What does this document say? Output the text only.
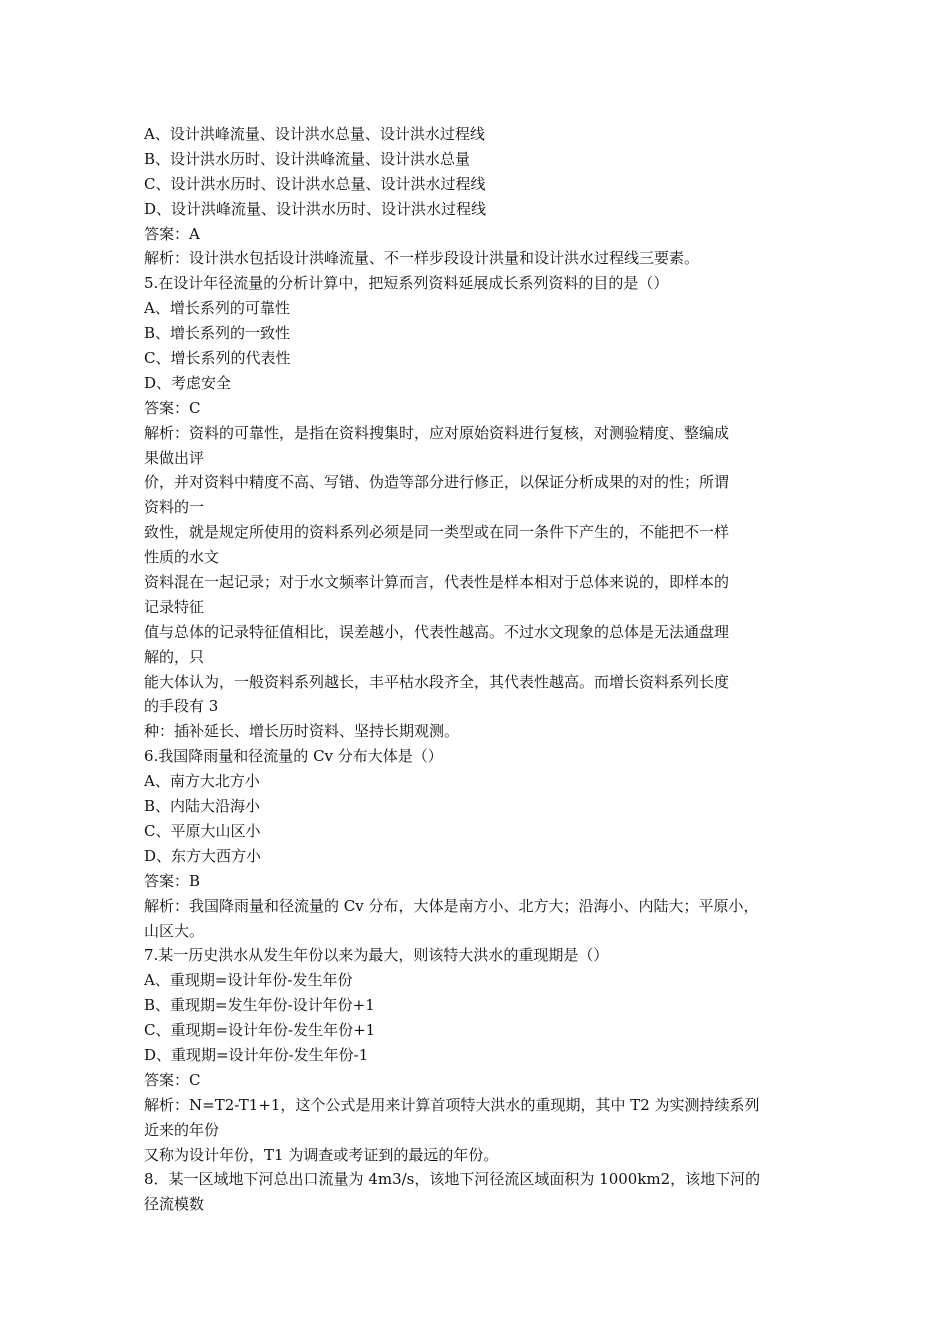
A、设计洪峰流量、设计洪水总量、设计洪水过程线
B、设计洪水历时、设计洪峰流量、设计洪水总量
C、设计洪水历时、设计洪水总量、设计洪水过程线
D、设计洪峰流量、设计洪水历时、设计洪水过程线
答案：A
解析：设计洪水包括设计洪峰流量、不一样步段设计洪量和设计洪水过程线三要素。
5.在设计年径流量的分析计算中，把短系列资料延展成长系列资料的目的是（）
A、增长系列的可靠性
B、增长系列的一致性
C、增长系列的代表性
D、考虑安全
答案：C
解析：资料的可靠性，是指在资料搜集时，应对原始资料进行复核，对测验精度、整编成
果做出评
价，并对资料中精度不高、写错、伪造等部分进行修正，以保证分析成果的对的性；所谓
资料的一
致性，就是规定所使用的资料系列必须是同一类型或在同一条件下产生的，不能把不一样
性质的水文
资料混在一起记录；对于水文频率计算而言，代表性是样本相对于总体来说的，即样本的
记录特征
值与总体的记录特征值相比，误差越小，代表性越高。不过水文现象的总体是无法通盘理
解的，只
能大体认为，一般资料系列越长，丰平枯水段齐全，其代表性越高。而增长资料系列长度
的手段有 3
种：插补延长、增长历时资料、坚持长期观测。
6.我国降雨量和径流量的 Cv 分布大体是（）
A、南方大北方小
B、内陆大沿海小
C、平原大山区小
D、东方大西方小
答案：B
解析：我国降雨量和径流量的 Cv 分布，大体是南方小、北方大；沿海小、内陆大；平原小，
山区大。
7.某一历史洪水从发生年份以来为最大，则该特大洪水的重现期是（）
A、重现期=设计年份-发生年份
B、重现期=发生年份-设计年份+1
C、重现期=设计年份-发生年份+1
D、重现期=设计年份-发生年份-1
答案：C
解析：N=T2-T1+1，这个公式是用来计算首项特大洪水的重现期，其中 T2 为实测持续系列
近来的年份
又称为设计年份，T1 为调查或考证到的最远的年份。
8．某一区域地下河总出口流量为 4m3/s，该地下河径流区域面积为 1000km2，该地下河的
径流模数
